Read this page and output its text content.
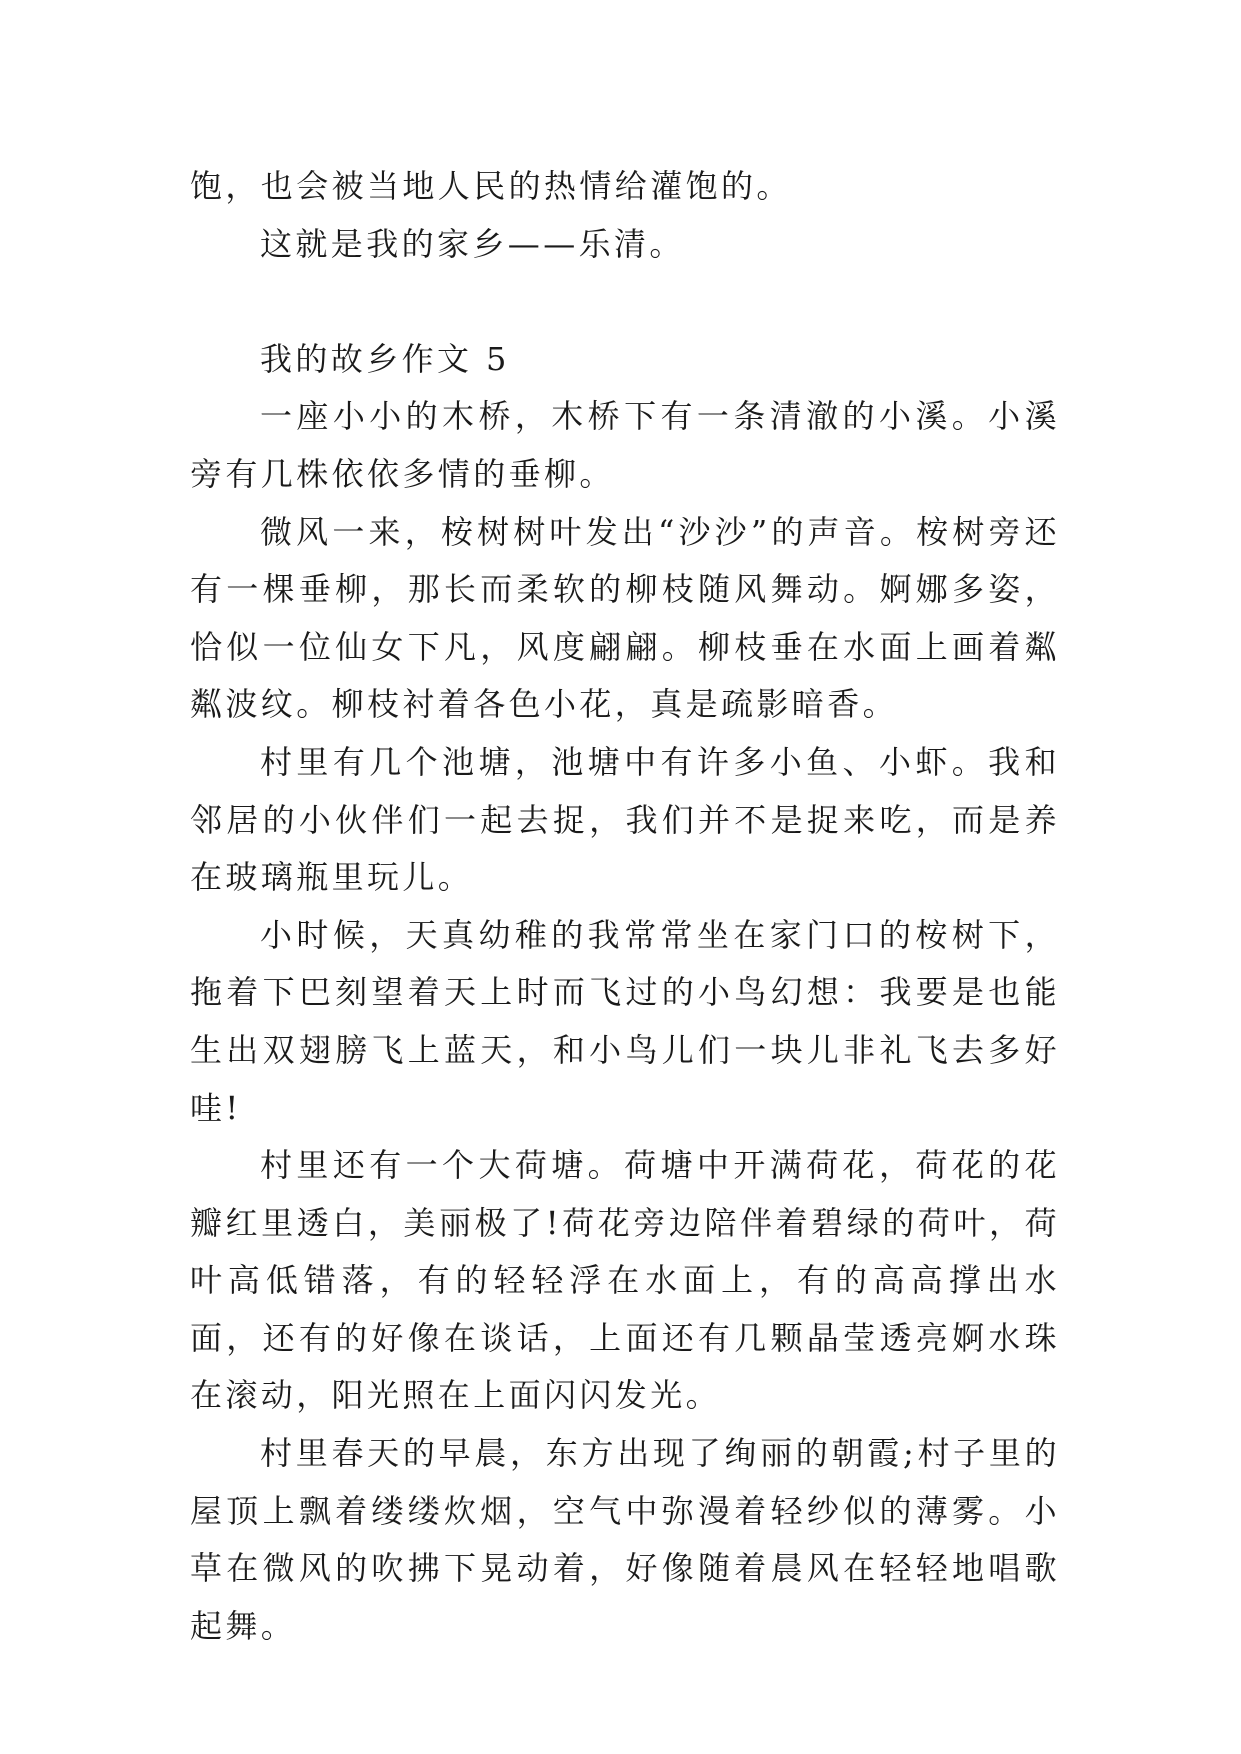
饱，也会被当地人民的热情给灌饱的。

这就是我的家乡——乐清。

我的故乡作文 5

一座小小的木桥，木桥下有一条清澈的小溪。小溪旁有几株依依多情的垂柳。

微风一来，桉树树叶发出“沙沙”的声音。桉树旁还有一棵垂柳，那长而柔软的柳枝随风舞动。婀娜多姿，恰似一位仙女下凡，风度翩翩。柳枝垂在水面上画着粼粼波纹。柳枝衬着各色小花，真是疏影暗香。

村里有几个池塘，池塘中有许多小鱼、小虾。我和邻居的小伙伴们一起去捉，我们并不是捉来吃，而是养在玻璃瓶里玩儿。

小时候，天真幼稚的我常常坐在家门口的桉树下，拖着下巴刻望着天上时而飞过的小鸟幻想：我要是也能生出双翅膀飞上蓝天，和小鸟儿们一块儿非礼飞去多好哇!

村里还有一个大荷塘。荷塘中开满荷花，荷花的花瓣红里透白，美丽极了!荷花旁边陪伴着碧绿的荷叶，荷叶高低错落，有的轻轻浮在水面上，有的高高撑出水面，还有的好像在谈话，上面还有几颗晶莹透亮婀水珠在滚动，阳光照在上面闪闪发光。

村里春天的早晨，东方出现了绚丽的朝霞;村子里的屋顶上飘着缕缕炊烟，空气中弥漫着轻纱似的薄雾。小草在微风的吹拂下晃动着，好像随着晨风在轻轻地唱歌起舞。
